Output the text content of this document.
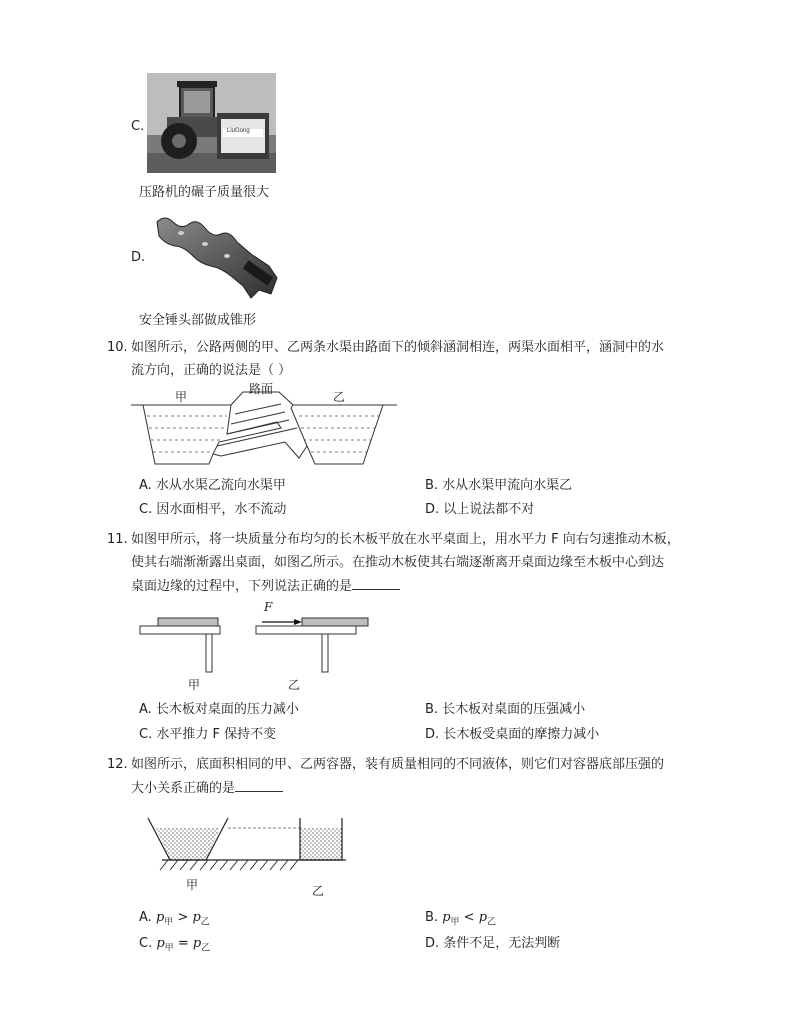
C.	LiuGong
压路机的碾子质量很大
D.
安全锤头部做成锥形
10. 如图所示，公路两侧的甲、乙两条水渠由路面下的倾斜涵洞相连，两渠水面相平，涵洞中的水
流方向，正确的说法是（ ）
甲
路面
乙
A. 水从水渠乙流向水渠甲	B. 水从水渠甲流向水渠乙
C. 因水面相平，水不流动	D. 以上说法都不对
11. 如图甲所示，将一块质量分布均匀的长木板平放在水平桌面上，用水平力 F 向右匀速推动木板，
使其右端渐渐露出桌面，如图乙所示。在推动木板使其右端逐渐离开桌面边缘至木板中心到达
桌面边缘的过程中，下列说法正确的是
F
甲	乙
A. 长木板对桌面的压力减小	B. 长木板对桌面的压强减小
C. 水平推力 F 保持不变	D. 长木板受桌面的摩擦力减小
12. 如图所示，底面积相同的甲、乙两容器，装有质量相同的不同液体，则它们对容器底部压强的
大小关系正确的是
甲	乙
A. $p_甲 > p_乙$	B. $p_甲 < p_乙$
C. $p_甲 = p_乙$	D. 条件不足，无法判断
